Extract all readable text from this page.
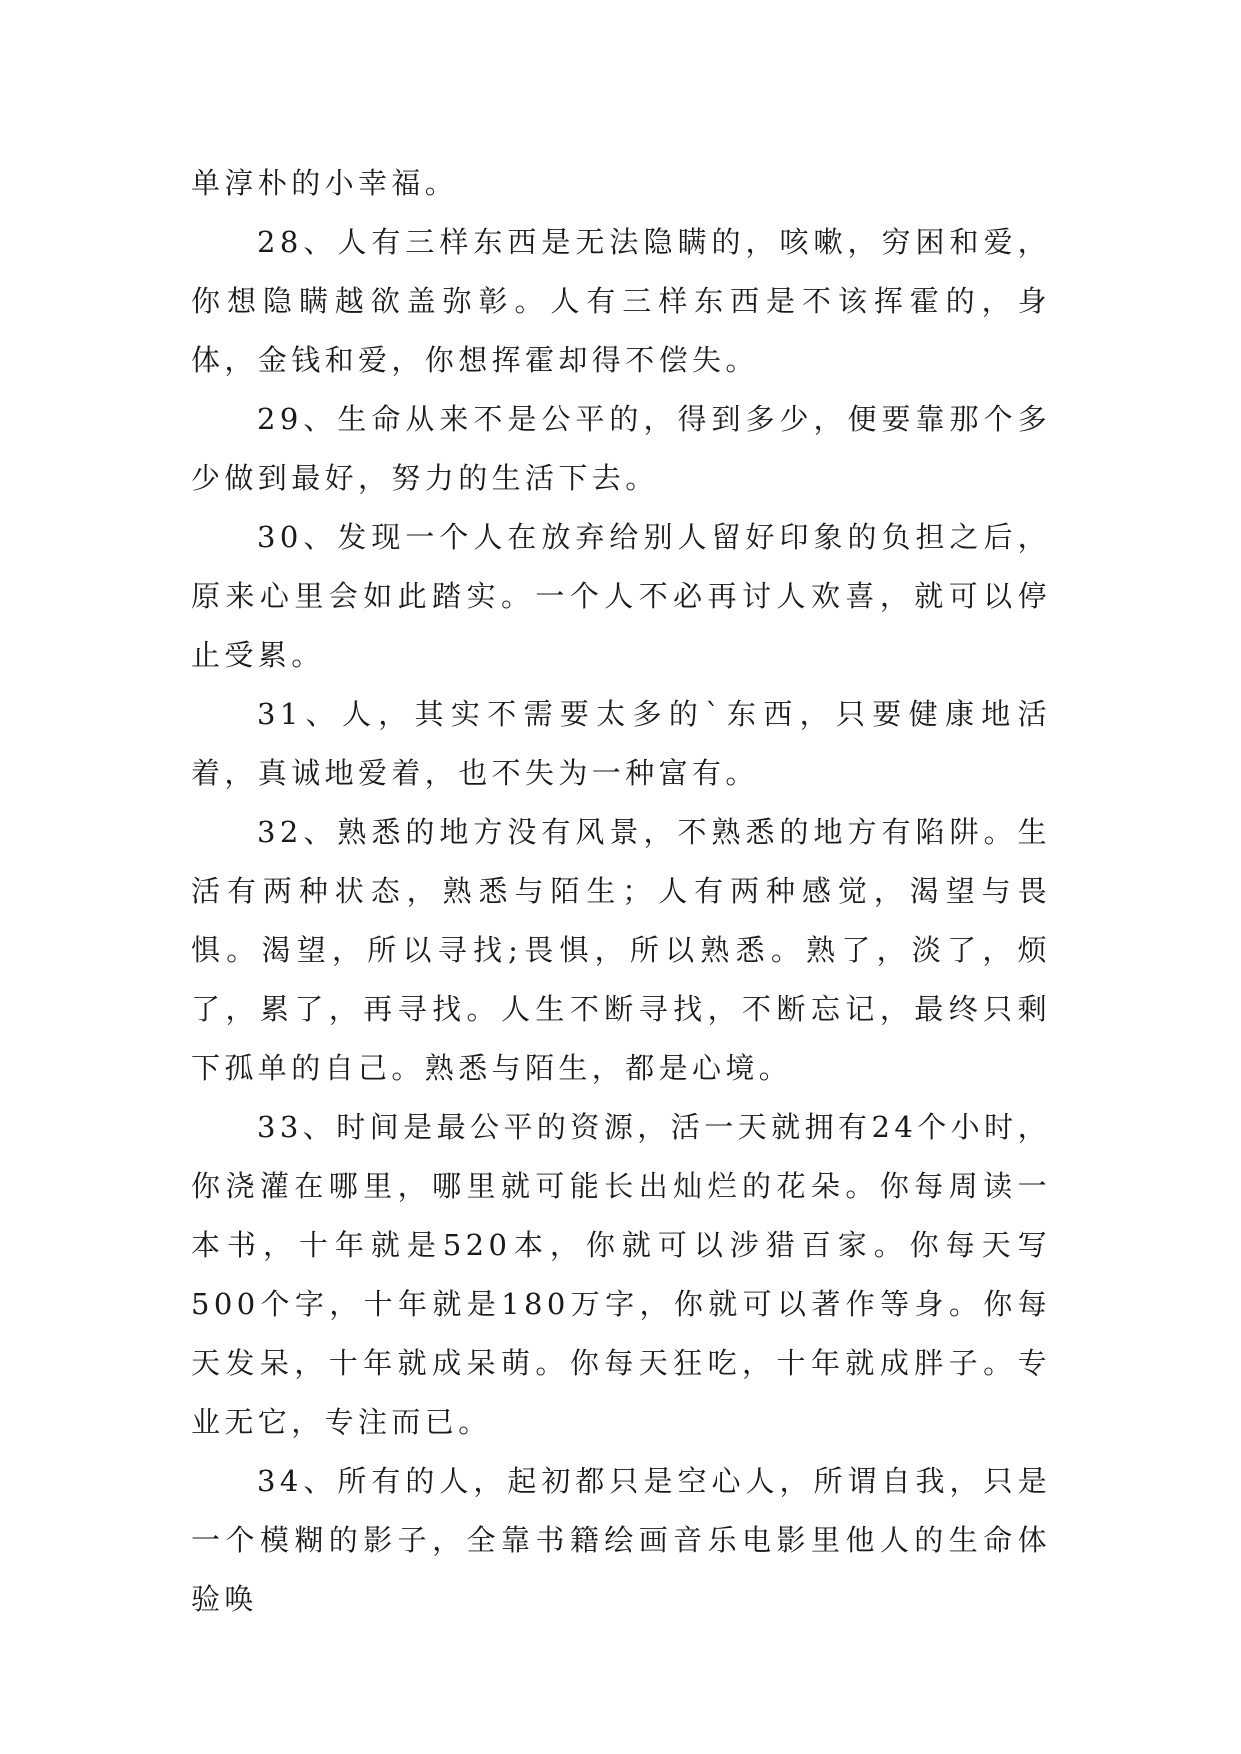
单淳朴的小幸福。

28、人有三样东西是无法隐瞒的，咳嗽，穷困和爱，你想隐瞒越欲盖弥彰。人有三样东西是不该挥霍的，身体，金钱和爱，你想挥霍却得不偿失。

29、生命从来不是公平的，得到多少，便要靠那个多少做到最好，努力的生活下去。

30、发现一个人在放弃给别人留好印象的负担之后，原来心里会如此踏实。一个人不必再讨人欢喜，就可以停止受累。

31、人，其实不需要太多的`东西，只要健康地活着，真诚地爱着，也不失为一种富有。

32、熟悉的地方没有风景，不熟悉的地方有陷阱。生活有两种状态，熟悉与陌生；人有两种感觉，渴望与畏惧。渴望，所以寻找;畏惧，所以熟悉。熟了，淡了，烦了，累了，再寻找。人生不断寻找，不断忘记，最终只剩下孤单的自己。熟悉与陌生，都是心境。

33、时间是最公平的资源，活一天就拥有24个小时，你浇灌在哪里，哪里就可能长出灿烂的花朵。你每周读一本书，十年就是520本，你就可以涉猎百家。你每天写500个字，十年就是180万字，你就可以著作等身。你每天发呆，十年就成呆萌。你每天狂吃，十年就成胖子。专业无它，专注而已。

34、所有的人，起初都只是空心人，所谓自我，只是一个模糊的影子，全靠书籍绘画音乐电影里他人的生命体验唤
